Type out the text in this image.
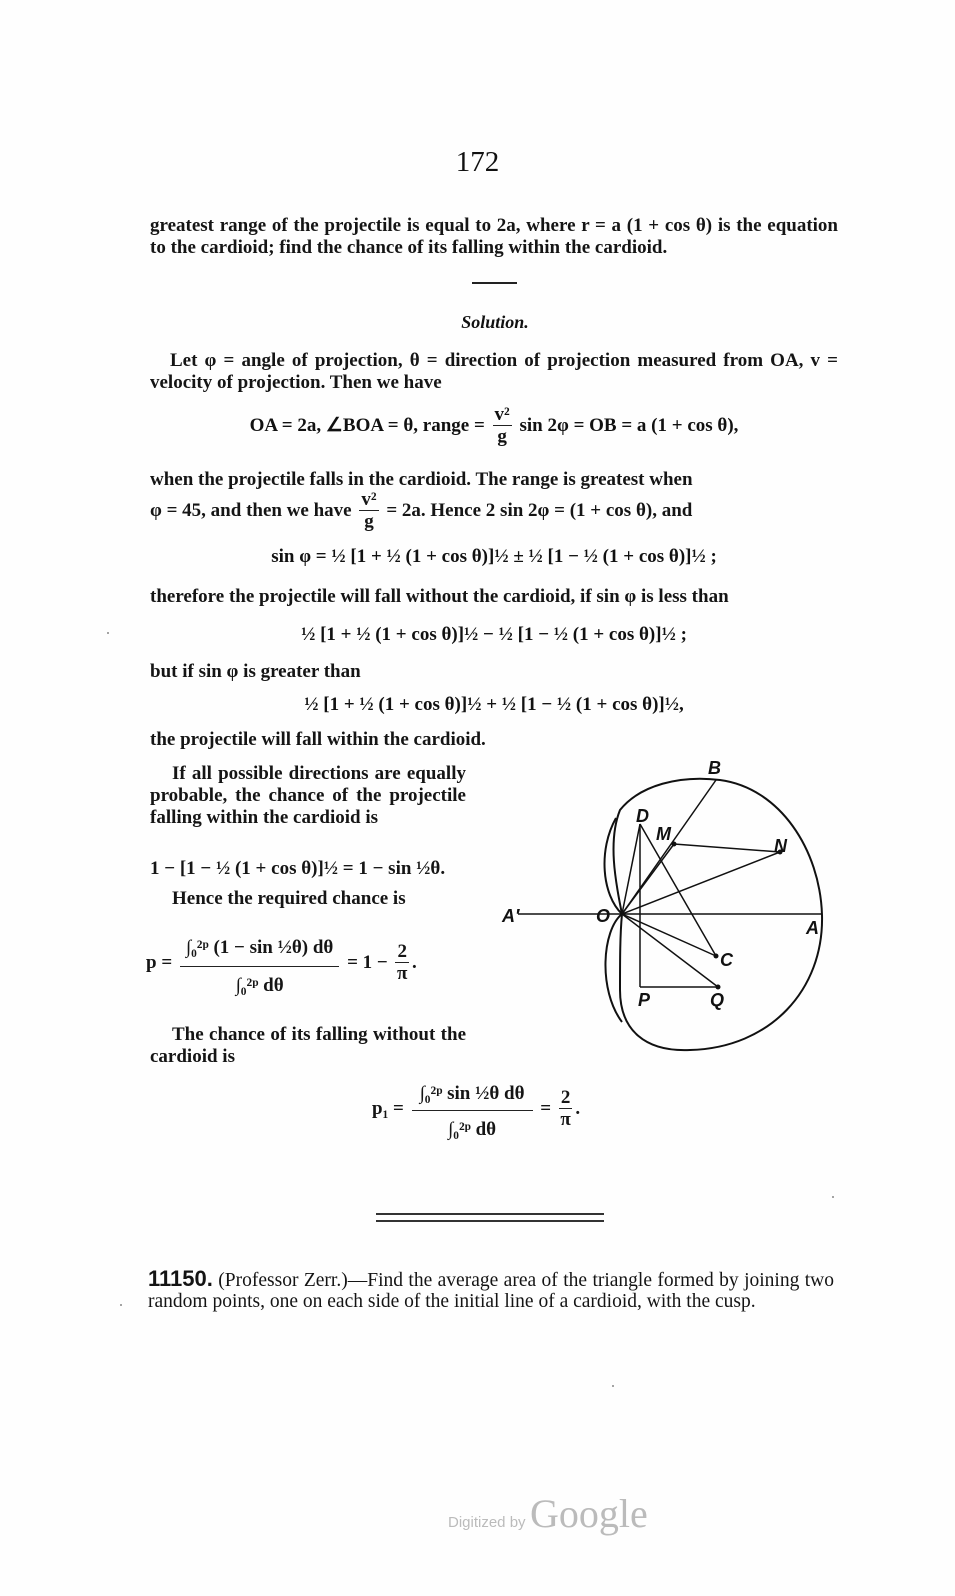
172
greatest range of the projectile is equal to 2a, where r = a (1 + cos θ) is the equation to the cardioid; find the chance of its falling within the cardioid.
Solution.
Let φ = angle of projection, θ = direction of projection measured from OA, v = velocity of projection. Then we have
OA = 2a, ∠BOA = θ, range = $\frac{\text{v²}}{g}$ sin 2φ = OB = a (1 + cos θ),
when the projectile falls in the cardioid. The range is greatest when
φ = 45, and then we have $\frac{\text{v²}}{g} = 2a$. Hence 2 sin 2φ = (1 + cos θ), and
sin φ = ½ [1 + ½ (1 + cos θ)]½ ± ½ [1 − ½ (1 + cos θ)]½ ;
therefore the projectile will fall without the cardioid, if sin φ is less than
½ [1 + ½ (1 + cos θ)]½ − ½ [1 − ½ (1 + cos θ)]½ ;
but if sin φ is greater than
½ [1 + ½ (1 + cos θ)]½ + ½ [1 − ½ (1 + cos θ)]½,
the projectile will fall within the cardioid.
If all possible directions are equally probable, the chance of the projectile falling within the cardioid is
1 − [1 − ½ (1 + cos θ)]½ = 1 − sin ½θ.
Hence the required chance is
$p = \frac{\text{∫₀²ᵖ (1 − sin ½θ) dθ}}{\text{∫₀²ᵖ dθ}} = 1 - \frac{2}{\pi}$ .
The chance of its falling without the cardioid is
$p_1 = \frac{\text{∫₀²ᵖ sin ½θ dθ}}{\text{∫₀²ᵖ dθ}} = \frac{2}{\pi}$ .
B
D
M
N
A′	O
A
C
P	Q
11150. (Professor Zerr.)—Find the average area of the triangle formed by joining two random points, one on each side of the initial line of a cardioid, with the cusp.
Digitized by Google
